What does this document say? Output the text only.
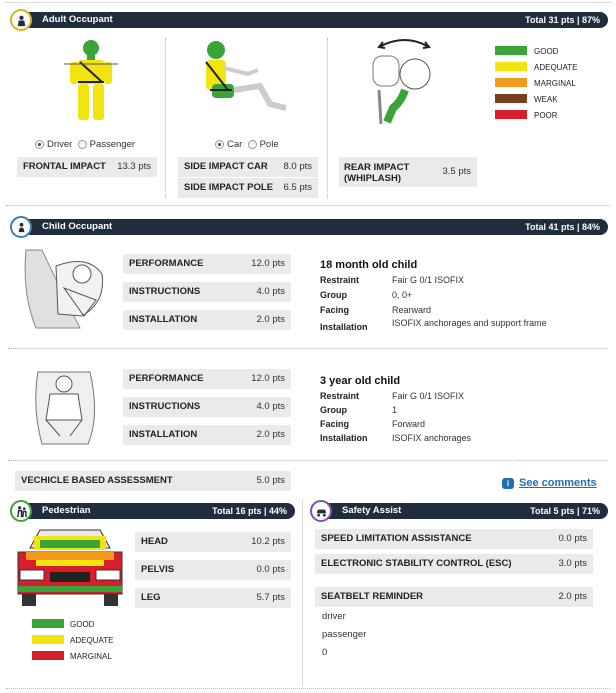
Adult Occupant	Total 31 pts | 87%
Driver Passenger
FRONTAL IMPACT 13.3 pts
Car Pole
SIDE IMPACT CAR 8.0 pts
SIDE IMPACT POLE 6.5 pts
REAR IMPACT
(WHIPLASH)
3.5 pts
GOOD
ADEQUATE
MARGINAL
WEAK
POOR
Child Occupant	Total 41 pts | 84%
PERFORMANCE	12.0 pts
INSTRUCTIONS	4.0 pts
INSTALLATION	2.0 pts
18 month old child
Restraint	Fair G 0/1 ISOFIX
Group	0, 0+
Facing	Rearward
Installation	ISOFIX anchorages and support frame
PERFORMANCE	12.0 pts
INSTRUCTIONS	4.0 pts
INSTALLATION	2.0 pts
3 year old child
Restraint	Fair G 0/1 ISOFIX
Group	1
Facing	Forward
Installation	ISOFIX anchorages
VECHICLE BASED ASSESSMENT	5.0 pts	i See comments
Pedestrian	Total 16 pts | 44%
HEAD	10.2 pts
PELVIS	0.0 pts
LEG	5.7 pts
GOOD
ADEQUATE
MARGINAL
Safety Assist	Total 5 pts | 71%
SPEED LIMITATION ASSISTANCE	0.0 pts
ELECTRONIC STABILITY CONTROL (ESC)	3.0 pts
SEATBELT REMINDER	2.0 pts
driver
passenger
0
